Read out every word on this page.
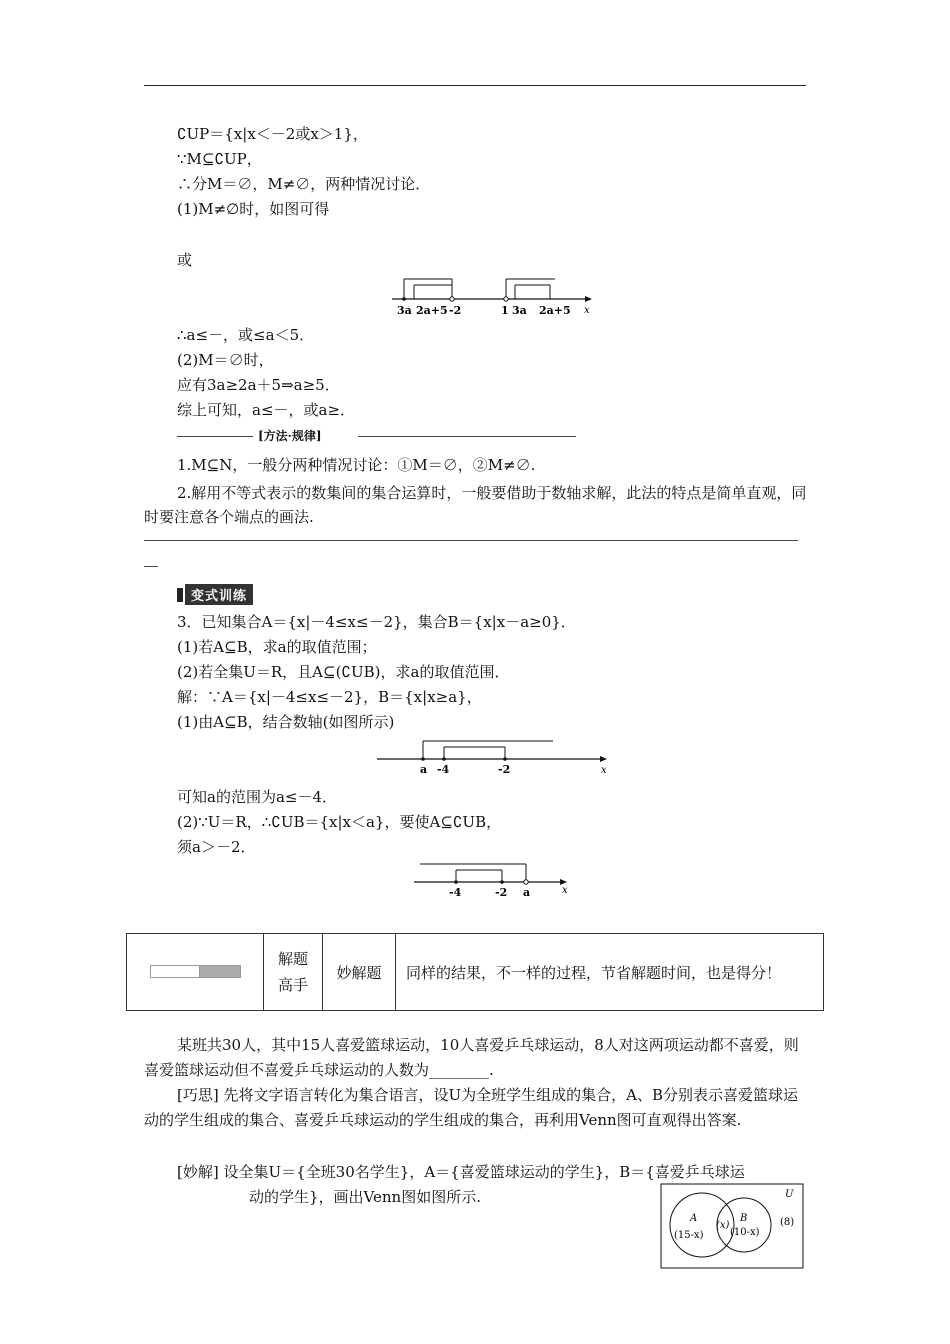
∁UP＝{x|x＜－2或x＞1}，
∵M⊆∁UP，
∴分M＝∅，M≠∅，两种情况讨论．
(1)M≠∅时，如图可得
或
3a 2a+5 -2	1 3a 2a+5 x
∴a≤－，或≤a＜5．
(2)M＝∅时，
应有3a≥2a＋5⇒a≥5．
综上可知，a≤－，或a≥．
[方法·规律]
1.M⊆N，一般分两种情况讨论：①M＝∅，②M≠∅.
2.解用不等式表示的数集间的集合运算时，一般要借助于数轴求解，此法的特点是简单直观，同时要注意各个端点的画法.
变式训练
3．已知集合A＝{x|－4≤x≤－2}，集合B＝{x|x－a≥0}．
(1)若A⊆B，求a的取值范围；
(2)若全集U＝R，且A⊆(∁UB)，求a的取值范围．
解：∵A＝{x|－4≤x≤－2}，B＝{x|x≥a}，
(1)由A⊆B，结合数轴(如图所示)
a -4	-2	x
可知a的范围为a≤－4．
(2)∵U＝R，∴∁UB＝{x|x＜a}，要使A⊆∁UB，
须a＞－2．
-4	-2 a	x

解题
高手
	妙解题	同样的结果，不一样的过程，节省解题时间，也是得分！
某班共30人，其中15人喜爱篮球运动，10人喜爱乒乓球运动，8人对这两项运动都不喜爱，则喜爱篮球运动但不喜爱乒乓球运动的人数为________.
[巧思] 先将文字语言转化为集合语言，设U为全班学生组成的集合，A、B分别表示喜爱篮球运动的学生组成的集合、喜爱乒乓球运动的学生组成的集合，再利用Venn图可直观得出答案.
[妙解] 设全集U＝{全班30名学生}，A＝{喜爱篮球运动的学生}，B＝{喜爱乒乓球运
动的学生}，画出Venn图如图所示.	U
(8)
A
(15-x)
(x)
B
(10-x)
